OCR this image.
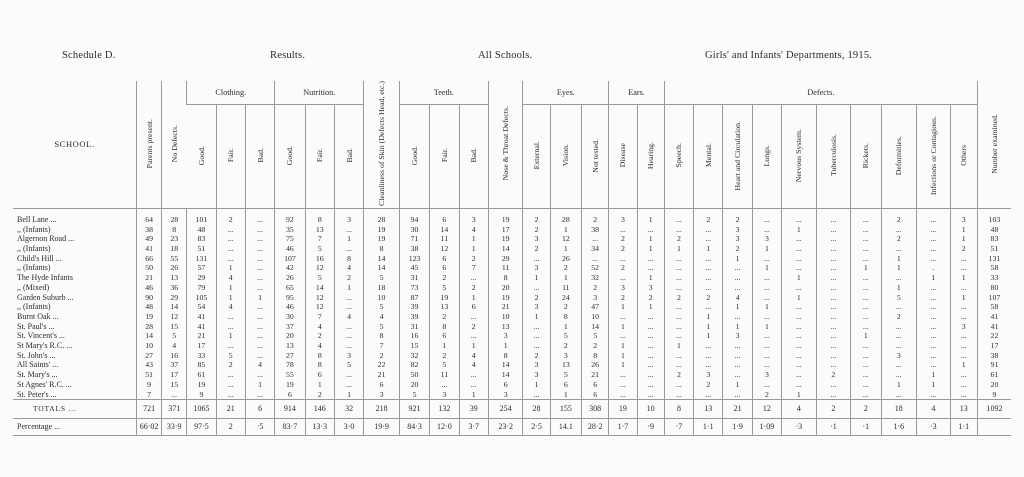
Schedule D.	Results.	All Schools.	Girls' and Infants' Departments, 1915.
SCHOOL.	Parents present.	No Defects.	Clothing.			Nutrition.			Cleanliness of Skin (Defects Head, etc.)	Teeth.			Nose & Throat Defects.	Eyes.			Ears.		Defects.										Number examined.
			Good.	Fair.	Bad.	Good.	Fair.	Bad.		Good.	Fair.	Bad.		External.	Vision.	Not tested.	Disease	Hearing.	Speech.	Mental.	Heart and Circulation.	Lungs.	Nervous System.	Tuberculosis.	Rickets.	Deformities.	Infections or Contagious.	Others	

Bell Lane ...	64	28	101	2	...	92	8	3	28	94	6	3	19	2	28	2	3	1	...	2	2	...	...	...	...	2	...	3	103
,, (Infants)	38	8	48	...	...	35	13	...	19	30	14	4	17	2	1	38	...	...	...	...	3	...	1	...	...	...	...	1	48
Algernon Road ...	49	23	83	...	...	75	7	1	19	71	11	1	19	3	12	...	2	1	2	...	3	3	...	...	...	2	...	1	83
,, (Infants)	41	18	51	...	...	46	5	...	8	38	12	1	14	2	1	34	2	1	1	1	2	1	...	...	...	...	...	2	51
Child's Hill ...	66	55	131	...	...	107	16	8	14	123	6	2	29	...	26	...	...	...	...	...	1	...	...	...	...	1	...	...	131
,, (Infants)	50	26	57	1	...	42	12	4	14	45	6	7	11	3	2	52	2	...	...	...	...	1	...	...	1	1	.	...	58
The Hyde Infants	21	13	29	4	...	26	5	2	5	31	2	...	8	1	1	32	...	1	...	...	...	...	1	...	...	...	1	1	33
,, (Mixed)	46	36	79	1	...	65	14	1	18	73	5	2	20	...	11	2	3	3	...	...	...	...	...	...	...	1	...	...	80
Garden Suburb ...	90	29	105	1	1	95	12	...	10	87	19	1	19	2	24	3	2	2	2	2	4	...	1	...	...	5	...	1	107
,, (Infants)	48	14	54	4	...	46	12	...	5	39	13	6	21	3	2	47	1	1	...	...	1	1	...	...	...	...	...	...	58
Burnt Oak ...	19	12	41	...	...	30	7	4	4	39	2	...	10	1	8	10	...	...	...	1	...	...	...	...	...	2	...	...	41
St. Paul's ...	28	15	41	...	...	37	4	...	5	31	8	2	13	...	1	14	1	...	...	1	1	1	...	...	...	...	...	3	41
St. Vincent's ...	14	5	21	1	...	20	2	...	8	16	6	...	3	...	5	5	...	...	...	1	3	...	...	...	1	...	...	...	22
St Mary's R.C. ...	10	4	17	...	...	13	4	...	7	15	1	1	1	...	2	2	1	...	1	...	...	...	...	...	...	...	...	...	17
St. John's ...	27	16	33	5	...	27	8	3	2	32	2	4	8	2	3	8	1	...	...	...	...	...	...	...	...	3	...	...	38
All Saints' ...	43	37	85	2	4	78	8	5	22	82	5	4	14	3	13	26	1	...	...	...	...	...	...	...	...	...	...	1	91
St. Mary's ...	51	17	61	...	...	55	6	...	21	50	11	...	14	3	5	21	...	...	2	3	...	3	...	2	...	...	1	...	61
St Agnes' R.C. ...	9	15	19	...	1	19	1	...	6	20	...	...	6	1	6	6	...	...	...	2	1	...	...	...	...	1	1	...	20
St. Peter's ...	7	...	9	...	...	6	2	1	3	5	3	1	3	...	1	6	...	...	...	...	...	2	1	...	...	...	...	...	9
TOTALS ...	721	371	1065	21	6	914	146	32	218	921	132	39	254	28	155	308	19	10	8	13	21	12	4	2	2	18	4	13	1092
Percentage ...	66·02	33·9	97·5	2	·5	83·7	13·3	3·0	19·9	84·3	12·0	3·7	23·2	2·5	14.1	28·2	1·7	·9	·7	1·1	1·9	1·09	·3	·1	·1	1·6	·3	1·1	
